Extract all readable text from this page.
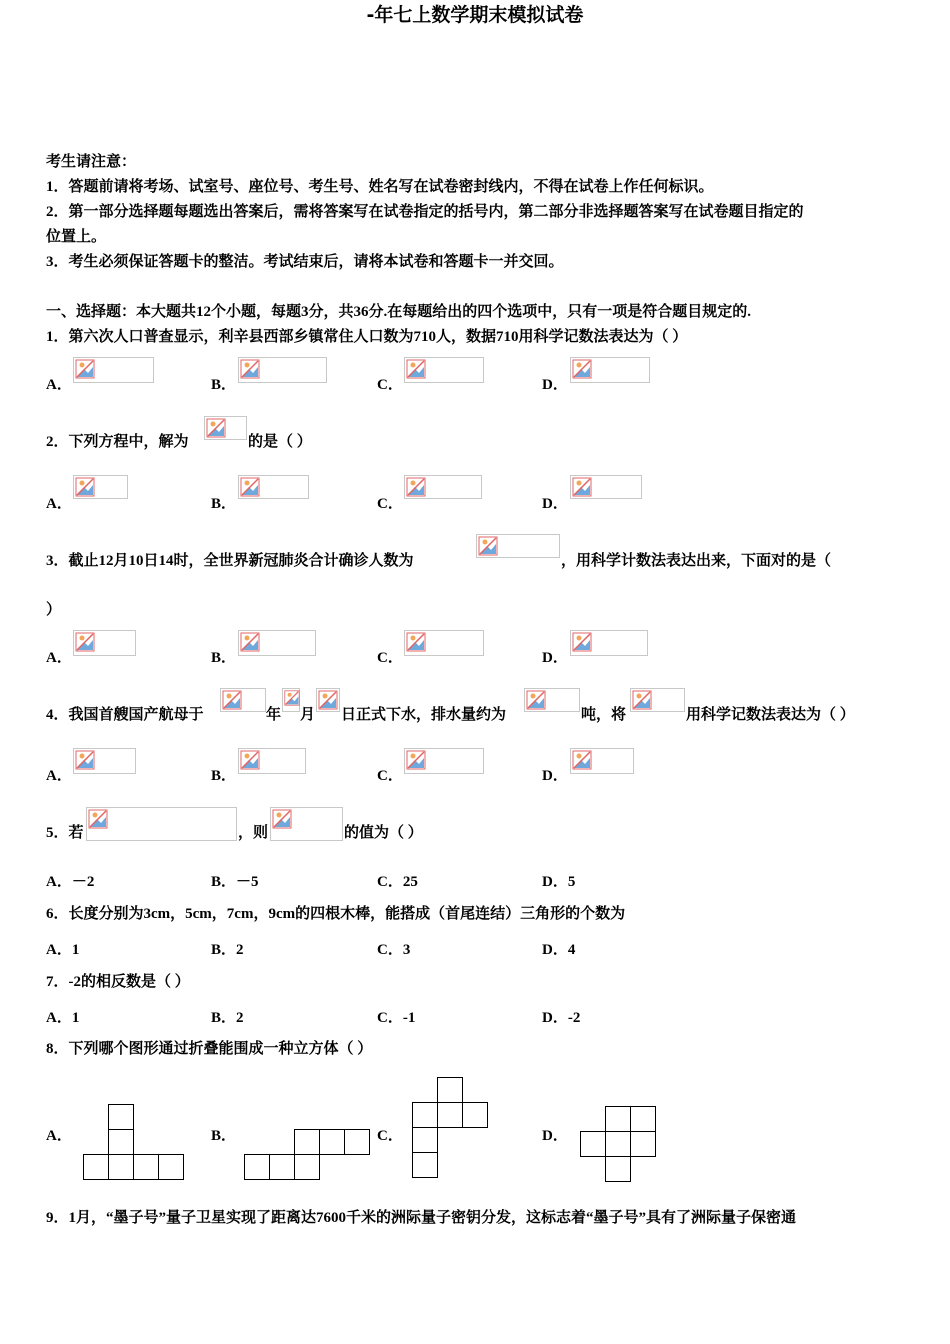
-年七上数学期末模拟试卷
考生请注意：
1．答题前请将考场、试室号、座位号、考生号、姓名写在试卷密封线内，不得在试卷上作任何标识。
2．第一部分选择题每题选出答案后，需将答案写在试卷指定的括号内，第二部分非选择题答案写在试卷题目指定的
位置上。
3．考生必须保证答题卡的整洁。考试结束后，请将本试卷和答题卡一并交回。
一、选择题：本大题共12个小题，每题3分，共36分.在每题给出的四个选项中，只有一项是符合题目规定的.
1．第六次人口普查显示，利辛县西部乡镇常住人口数为710人，数据710用科学记数法表达为（ ）
A．	B．	C．	D．
2．下列方程中，解为	的是（ ）
A．	B．	C．	D．
3．截止12月10日14时，全世界新冠肺炎合计确诊人数为	，用科学计数法表达出来，下面对的是（
）
A．	B．	C．	D．
4．我国首艘国产航母于	年 月 日正式下水，排水量约为	吨，将	用科学记数法表达为（ ）
A．	B．	C．	D．
5．若	，则	的值为（ ）
A．－2	B．－5	C．25	D．5
6．长度分别为3cm，5cm，7cm，9cm的四根木棒，能搭成（首尾连结）三角形的个数为
A．1	B．2	C．3	D．4
7．-2的相反数是（ ）
A．1	B．2	C．-1	D．-2
8．下列哪个图形通过折叠能围成一种立方体（ ）
A．	B．	C．	D．
9．1月，“墨子号”量子卫星实现了距离达7600千米的洲际量子密钥分发，这标志着“墨子号”具有了洲际量子保密通
